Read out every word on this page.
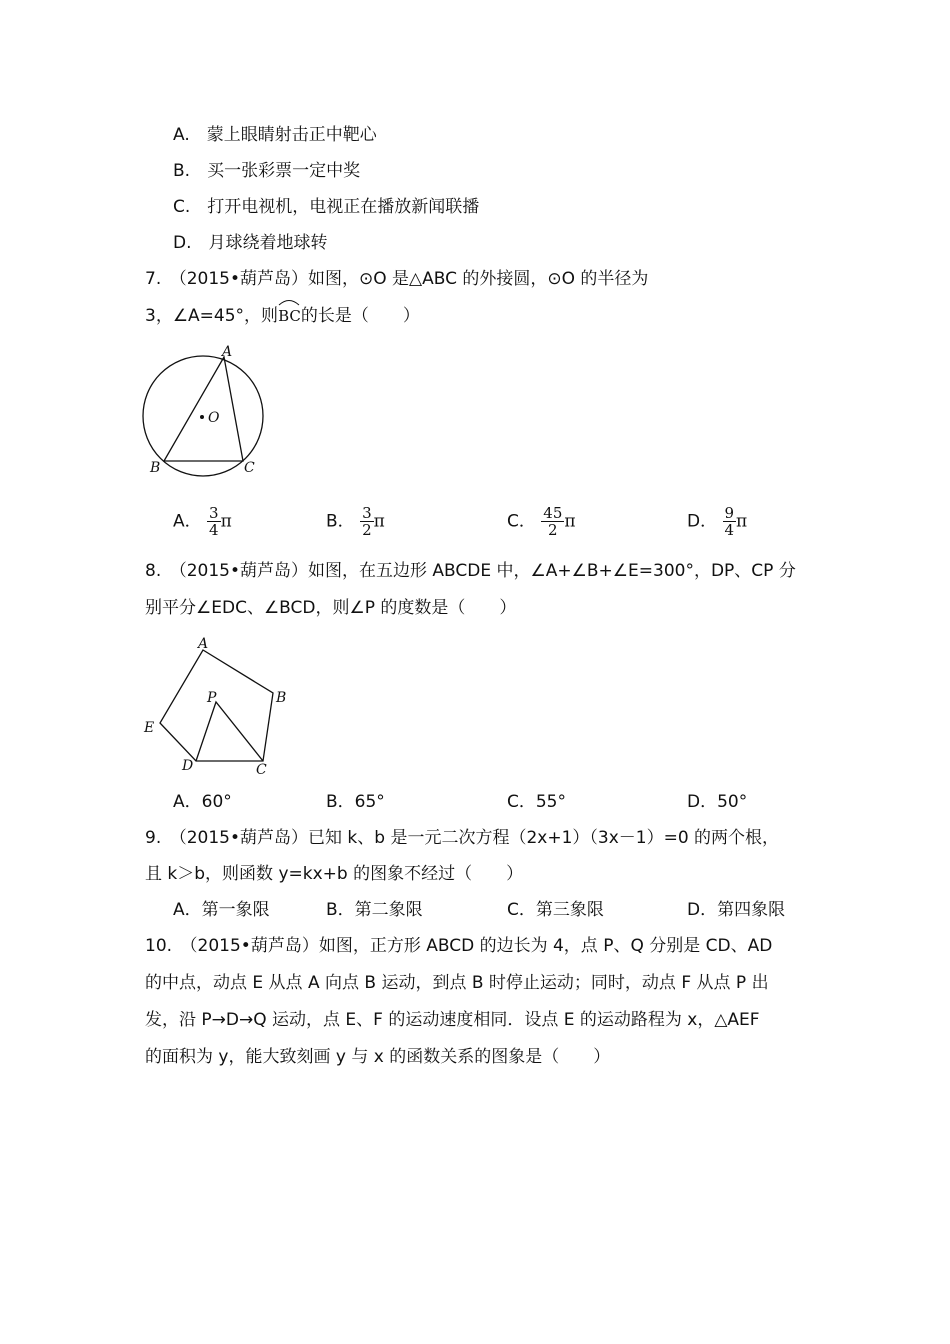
A.　蒙上眼睛射击正中靶心
B.　买一张彩票一定中奖
C.　打开电视机，电视正在播放新闻联播
D.　月球绕着地球转
7.　（2015•葫芦岛）如图，⊙O 是△ABC 的外接圆，⊙O 的半径为
3，∠A=45°，则
BC的长是（　　）
A
B	C
O
A． $\frac{3}{4}$ π	B． $\frac{3}{2}$ π	C． $\frac{45}{2}$ π	D． $\frac{9}{4}$ π
8.　（2015•葫芦岛）如图，在五边形 ABCDE 中，∠A+∠B+∠E=300°，DP、CP 分
别平分∠EDC、∠BCD，则∠P 的度数是（　　）
A
B
C
D
E
P
A．60°	B．65°	C．55°	D．50°
9.　（2015•葫芦岛）已知 k、b 是一元二次方程（2x+1）（3x－1）=0 的两个根，
且 k＞b，则函数 y=kx+b 的图象不经过（　　）
A．第一象限	B．第二象限	C．第三象限	D．第四象限
10.　（2015•葫芦岛）如图，正方形 ABCD 的边长为 4，点 P、Q 分别是 CD、AD
的中点，动点 E 从点 A 向点 B 运动，到点 B 时停止运动；同时，动点 F 从点 P 出
发，沿 P→D→Q 运动，点 E、F 的运动速度相同．设点 E 的运动路程为 x，△AEF
的面积为 y，能大致刻画 y 与 x 的函数关系的图象是（　　）
